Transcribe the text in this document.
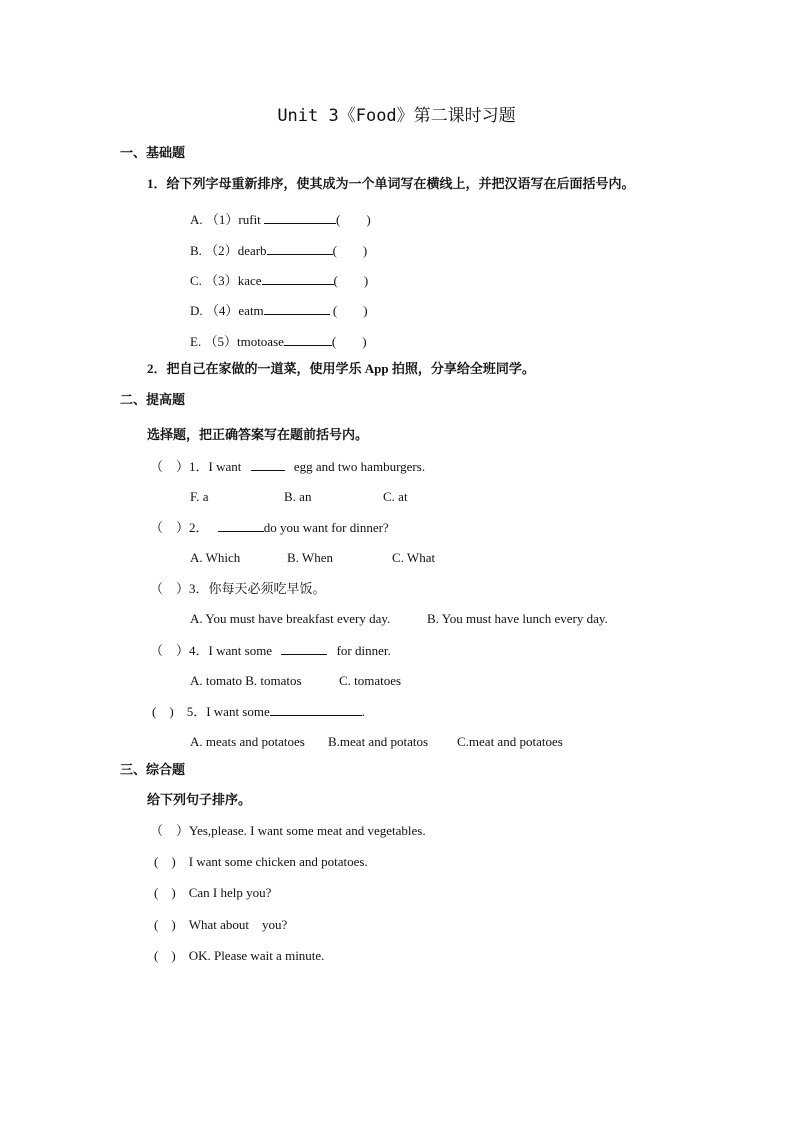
Unit 3《Food》第二课时习题
一、基础题
1．给下列字母重新排序，使其成为一个单词写在横线上，并把汉语写在后面括号内。
A. （1）rufit	(　　)
B. （2）dearb	(　　)
C. （3）kace	(　　)
D. （4）eatm	(　　)
E. （5）tmotoase	(　　)
2．把自己在家做的一道菜，使用学乐 App 拍照，分享给全班同学。
二、提高题
选择题，把正确答案写在题前括号内。
（　）1．I want	egg and two hamburgers.
F. a	B. an	C. at
（　）2．	do you want for dinner?
A. Which	B. When	C. What
（　）3．你每天必须吃早饭。
A. You must have breakfast every day.	B. You must have lunch every day.
（　）4．I want some	for dinner.
A. tomato B. tomatos	C. tomatoes
(　)　 5．I want some	.
A. meats and potatoes B.meat and potatos C.meat and potatoes
三、综合题
给下列句子排序。
（　）Yes,please. I want some meat and vegetables.
(　)　 I want some chicken and potatoes.
(　)　 Can I help you?
(　)　 What about　you?
(　)　 OK. Please wait a minute.
